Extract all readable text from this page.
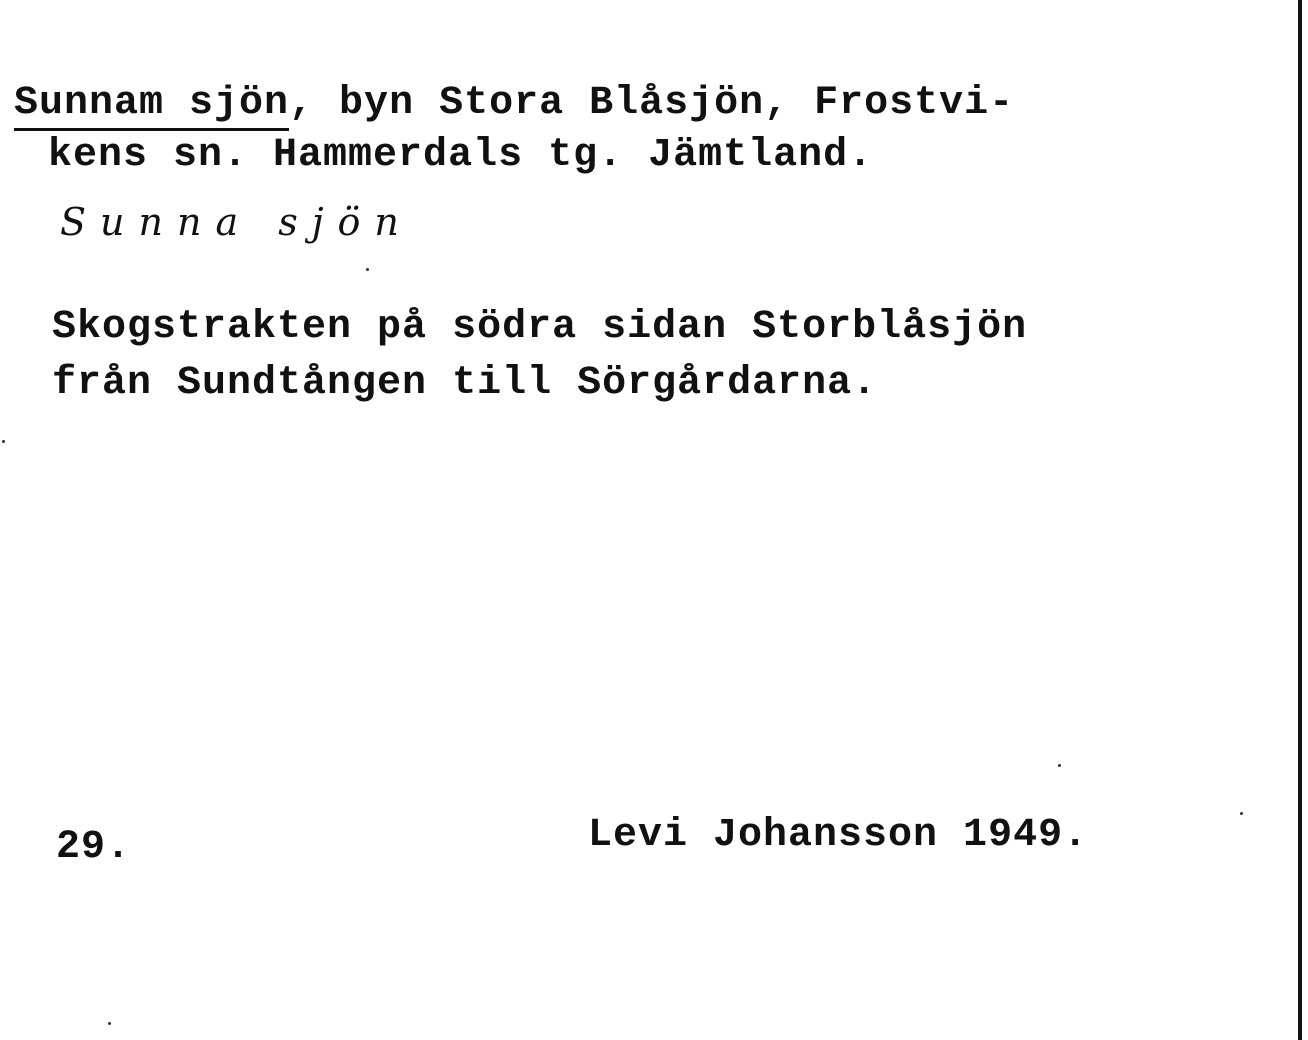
Sunnam sjön, byn Stora Blåsjön, Frostvi-
kens sn. Hammerdals tg. Jämtland.
Sunna sjön
Skogstrakten på södra sidan Storblåsjön
från Sundtången till Sörgårdarna.
29.	Levi Johansson 1949.
